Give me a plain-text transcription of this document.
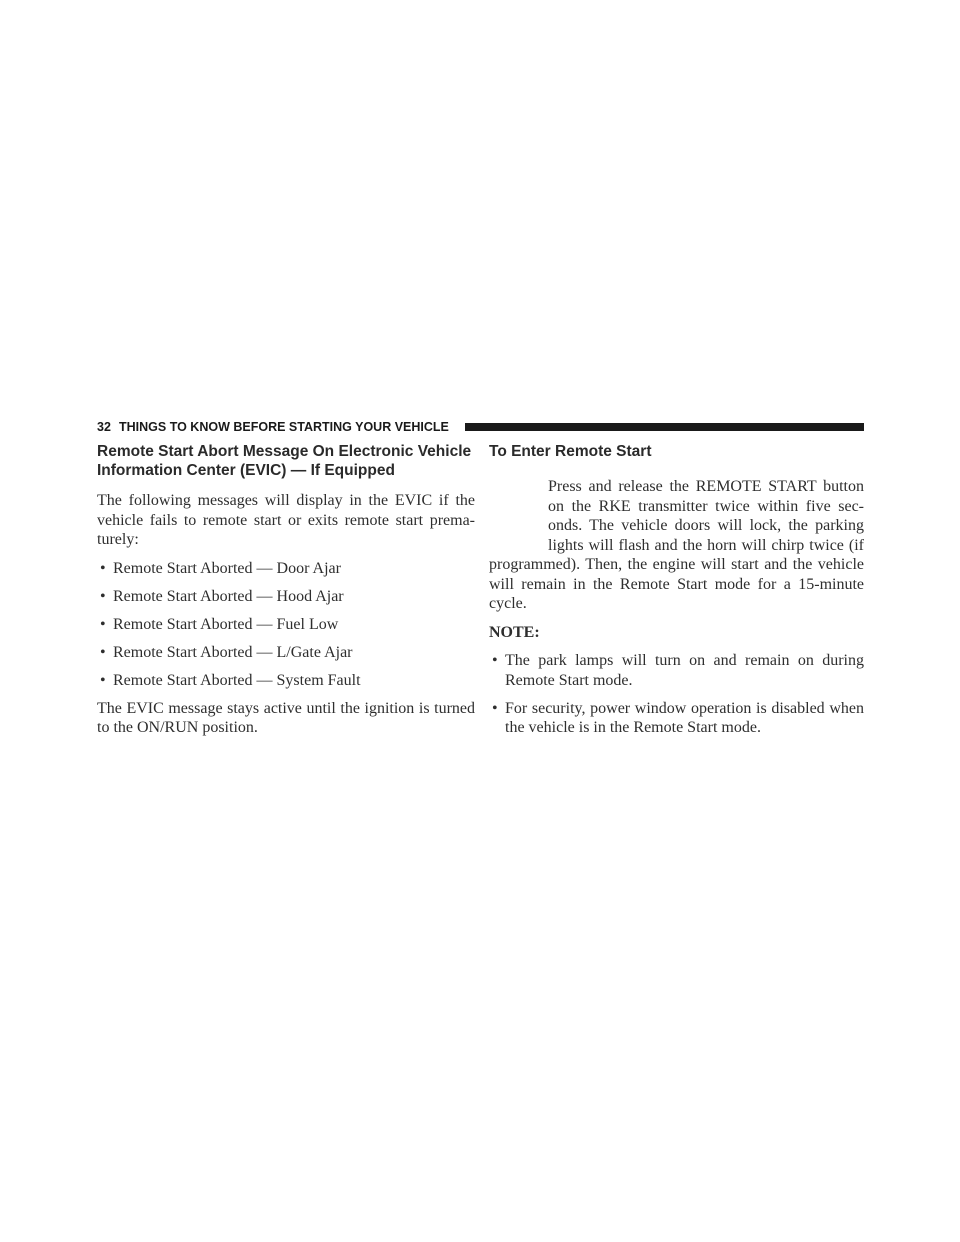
32 THINGS TO KNOW BEFORE STARTING YOUR VEHICLE
Remote Start Abort Message On Electronic Vehicle Information Center (EVIC) — If Equipped

The following messages will display in the EVIC if the vehicle fails to remote start or exits remote start prema-turely:

• Remote Start Aborted — Door Ajar
• Remote Start Aborted — Hood Ajar
• Remote Start Aborted — Fuel Low
• Remote Start Aborted — L/Gate Ajar
• Remote Start Aborted — System Fault

The EVIC message stays active until the ignition is turned to the ON/RUN position.

To Enter Remote Start

Press and release the REMOTE START button on the RKE transmitter twice within five sec-onds. The vehicle doors will lock, the parking lights will flash and the horn will chirp twice (if programmed). Then, the engine will start and the vehicle will remain in the Remote Start mode for a 15-minute cycle.

NOTE:

• The park lamps will turn on and remain on during Remote Start mode.
• For security, power window operation is disabled when the vehicle is in the Remote Start mode.
